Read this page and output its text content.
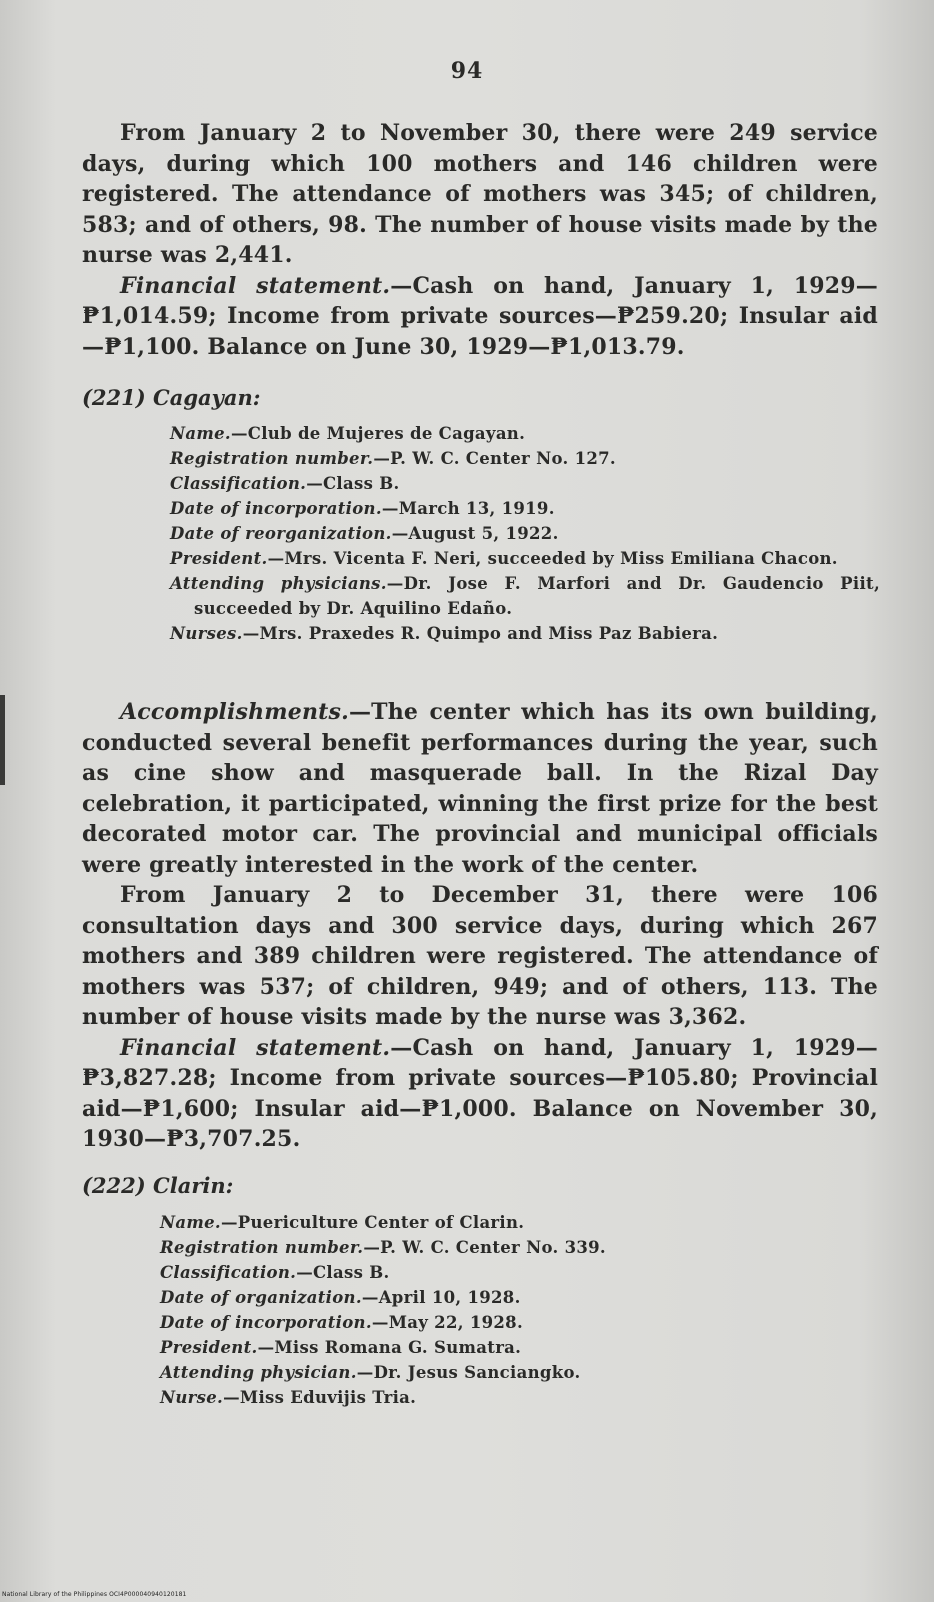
94

From January 2 to November 30, there were 249 service days, during which 100 mothers and 146 children were registered. The attendance of mothers was 345; of children, 583; and of others, 98. The number of house visits made by the nurse was 2,441.

Financial statement.—Cash on hand, January 1, 1929—₱1,014.59; Income from private sources—₱259.20; Insular aid—₱1,100. Balance on June 30, 1929—₱1,013.79.

(221) Cagayan:

Name.—Club de Mujeres de Cagayan.

Registration number.—P. W. C. Center No. 127.

Classification.—Class B.

Date of incorporation.—March 13, 1919.

Date of reorganization.—August 5, 1922.

President.—Mrs. Vicenta F. Neri, succeeded by Miss Emiliana Chacon.

Attending physicians.—Dr. Jose F. Marfori and Dr. Gaudencio Piit, succeeded by Dr. Aquilino Edaño.

Nurses.—Mrs. Praxedes R. Quimpo and Miss Paz Babiera.

Accomplishments.—The center which has its own building, conducted several benefit performances during the year, such as cine show and masquerade ball. In the Rizal Day celebration, it participated, winning the first prize for the best decorated motor car. The provincial and municipal officials were greatly interested in the work of the center.

From January 2 to December 31, there were 106 consultation days and 300 service days, during which 267 mothers and 389 children were registered. The attendance of mothers was 537; of children, 949; and of others, 113. The number of house visits made by the nurse was 3,362.

Financial statement.—Cash on hand, January 1, 1929—₱3,827.28; Income from private sources—₱105.80; Provincial aid—₱1,600; Insular aid—₱1,000. Balance on November 30, 1930—₱3,707.25.

(222) Clarin:

Name.—Puericulture Center of Clarin.

Registration number.—P. W. C. Center No. 339.

Classification.—Class B.

Date of organization.—April 10, 1928.

Date of incorporation.—May 22, 1928.

President.—Miss Romana G. Sumatra.

Attending physician.—Dr. Jesus Sanciangko.

Nurse.—Miss Eduvijis Tria.

National Library of the Philippines OCI4P000040940120181
